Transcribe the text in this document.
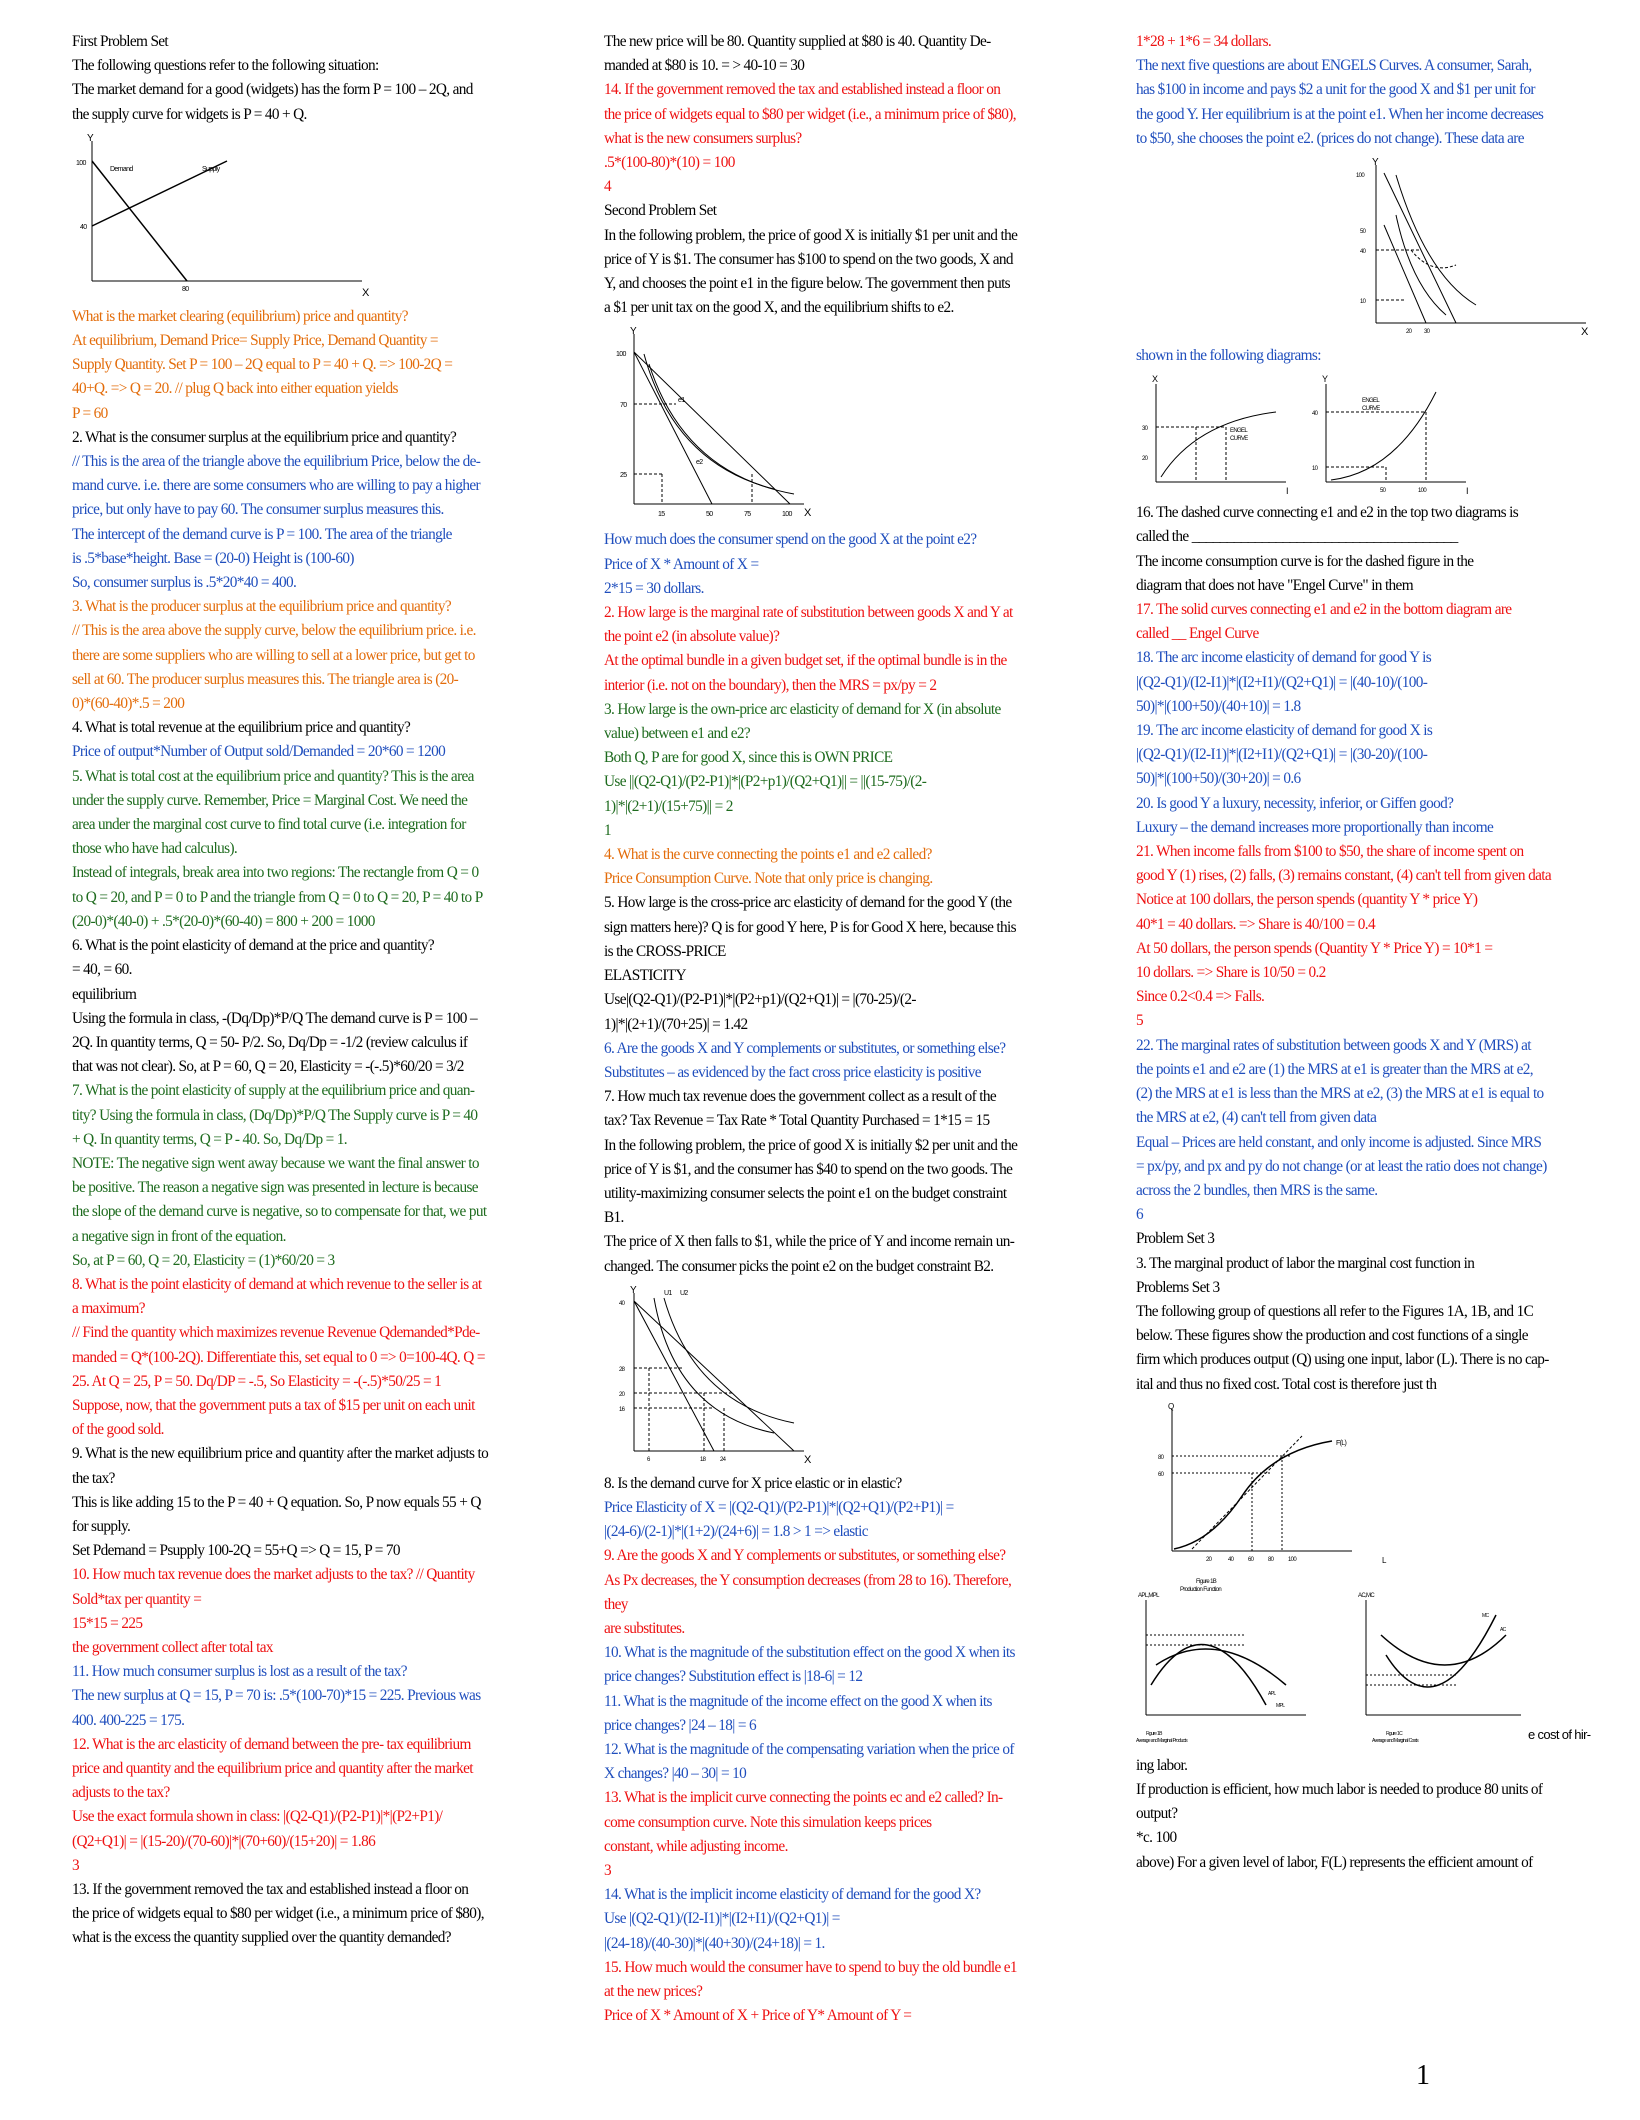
First Problem Set
The following questions refer to the following situation:
The market demand for a good (widgets) has the form P = 100 – 2Q, and
the supply curve for widgets is P = 40 + Q.
Y
X
100
40
80
Demand	Supply
What is the market clearing (equilibrium) price and quantity?
At equilibrium, Demand Price= Supply Price, Demand Quantity =
Supply Quantity. Set P = 100 – 2Q equal to P = 40 + Q. => 100-2Q =
40+Q. => Q = 20. // plug Q back into either equation yields
P = 60
2. What is the consumer surplus at the equilibrium price and quantity?
// This is the area of the triangle above the equilibrium Price, below the de-
mand curve. i.e. there are some consumers who are willing to pay a higher
price, but only have to pay 60. The consumer surplus measures this.
The intercept of the demand curve is P = 100. The area of the triangle
is .5*base*height. Base = (20-0) Height is (100-60)
So, consumer surplus is .5*20*40 = 400.
3. What is the producer surplus at the equilibrium price and quantity?
// This is the area above the supply curve, below the equilibrium price. i.e.
there are some suppliers who are willing to sell at a lower price, but get to
sell at 60. The producer surplus measures this. The triangle area is (20-
0)*(60-40)*.5 = 200
4. What is total revenue at the equilibrium price and quantity?
Price of output*Number of Output sold/Demanded = 20*60 = 1200
5. What is total cost at the equilibrium price and quantity? This is the area
under the supply curve. Remember, Price = Marginal Cost. We need the
area under the marginal cost curve to find total curve (i.e. integration for
those who have had calculus).
Instead of integrals, break area into two regions: The rectangle from Q = 0
to Q = 20, and P = 0 to P and the triangle from Q = 0 to Q = 20, P = 40 to P
(20-0)*(40-0) + .5*(20-0)*(60-40) = 800 + 200 = 1000
6. What is the point elasticity of demand at the price and quantity?
= 40, = 60.
equilibrium
Using the formula in class, -(Dq/Dp)*P/Q The demand curve is P = 100 –
2Q. In quantity terms, Q = 50- P/2. So, Dq/Dp = -1/2 (review calculus if
that was not clear). So, at P = 60, Q = 20, Elasticity = -(-.5)*60/20 = 3/2
7. What is the point elasticity of supply at the equilibrium price and quan-
tity? Using the formula in class, (Dq/Dp)*P/Q The Supply curve is P = 40
+ Q. In quantity terms, Q = P - 40. So, Dq/Dp = 1.
NOTE: The negative sign went away because we want the final answer to
be positive. The reason a negative sign was presented in lecture is because
the slope of the demand curve is negative, so to compensate for that, we put
a negative sign in front of the equation.
So, at P = 60, Q = 20, Elasticity = (1)*60/20 = 3
8. What is the point elasticity of demand at which revenue to the seller is at
a maximum?
// Find the quantity which maximizes revenue Revenue Qdemanded*Pde-
manded = Q*(100-2Q). Differentiate this, set equal to 0 => 0=100-4Q. Q =
25. At Q = 25, P = 50. Dq/DP = -.5, So Elasticity = -(-.5)*50/25 = 1
Suppose, now, that the government puts a tax of $15 per unit on each unit
of the good sold.
9. What is the new equilibrium price and quantity after the market adjusts to
the tax?
This is like adding 15 to the P = 40 + Q equation. So, P now equals 55 + Q
for supply.
Set Pdemand = Psupply 100-2Q = 55+Q => Q = 15, P = 70
10. How much tax revenue does the market adjusts to the tax? // Quantity
Sold*tax per quantity =
15*15 = 225
the government collect after total tax
11. How much consumer surplus is lost as a result of the tax?
The new surplus at Q = 15, P = 70 is: .5*(100-70)*15 = 225. Previous was
400. 400-225 = 175.
12. What is the arc elasticity of demand between the pre- tax equilibrium
price and quantity and the equilibrium price and quantity after the market
adjusts to the tax?
Use the exact formula shown in class: |(Q2-Q1)/(P2-P1)|*|(P2+P1)/
(Q2+Q1)| = |(15-20)/(70-60)|*|(70+60)/(15+20)| = 1.86
3
13. If the government removed the tax and established instead a floor on
the price of widgets equal to $80 per widget (i.e., a minimum price of $80),
what is the excess the quantity supplied over the quantity demanded?
The new price will be 80. Quantity supplied at $80 is 40. Quantity De-
manded at $80 is 10. = > 40-10 = 30
14. If the government removed the tax and established instead a floor on
the price of widgets equal to $80 per widget (i.e., a minimum price of $80),
what is the new consumers surplus?
.5*(100-80)*(10) = 100
4
Second Problem Set
In the following problem, the price of good X is initially $1 per unit and the
price of Y is $1. The consumer has $100 to spend on the two goods, X and
Y, and chooses the point e1 in the figure below. The government then puts
a $1 per unit tax on the good X, and the equilibrium shifts to e2.
Y
X
100
70
25
15	50	75	100
e1
e2
How much does the consumer spend on the good X at the point e2?
Price of X * Amount of X =
2*15 = 30 dollars.
2. How large is the marginal rate of substitution between goods X and Y at
the point e2 (in absolute value)?
At the optimal bundle in a given budget set, if the optimal bundle is in the
interior (i.e. not on the boundary), then the MRS = px/py = 2
3. How large is the own-price arc elasticity of demand for X (in absolute
value) between e1 and e2?
Both Q, P are for good X, since this is OWN PRICE
Use ||(Q2-Q1)/(P2-P1)|*|(P2+p1)/(Q2+Q1)|| = ||(15-75)/(2-
1)|*|(2+1)/(15+75)|| = 2
1
4. What is the curve connecting the points e1 and e2 called?
Price Consumption Curve. Note that only price is changing.
5. How large is the cross-price arc elasticity of demand for the good Y (the
sign matters here)? Q is for good Y here, P is for Good X here, because this
is the CROSS-PRICE
ELASTICITY
Use|(Q2-Q1)/(P2-P1)|*|(P2+p1)/(Q2+Q1)| = |(70-25)/(2-
1)|*|(2+1)/(70+25)| = 1.42
6. Are the goods X and Y complements or substitutes, or something else?
Substitutes – as evidenced by the fact cross price elasticity is positive
7. How much tax revenue does the government collect as a result of the
tax? Tax Revenue = Tax Rate * Total Quantity Purchased = 1*15 = 15
In the following problem, the price of good X is initially $2 per unit and the
price of Y is $1, and the consumer has $40 to spend on the two goods. The
utility-maximizing consumer selects the point e1 on the budget constraint
B1.
The price of X then falls to $1, while the price of Y and income remain un-
changed. The consumer picks the point e2 on the budget constraint B2.
Y	U1 U2
X
40
28
20
16
6	18 24
8. Is the demand curve for X price elastic or in elastic?
Price Elasticity of X = |(Q2-Q1)/(P2-P1)|*|(Q2+Q1)/(P2+P1)| =
|(24-6)/(2-1)|*|(1+2)/(24+6)| = 1.8 > 1 => elastic
9. Are the goods X and Y complements or substitutes, or something else?
As Px decreases, the Y consumption decreases (from 28 to 16). Therefore,
they
are substitutes.
10. What is the magnitude of the substitution effect on the good X when its
price changes? Substitution effect is |18-6| = 12
11. What is the magnitude of the income effect on the good X when its
price changes? |24 – 18| = 6
12. What is the magnitude of the compensating variation when the price of
X changes? |40 – 30| = 10
13. What is the implicit curve connecting the points ec and e2 called? In-
come consumption curve. Note this simulation keeps prices
constant, while adjusting income.
3
14. What is the implicit income elasticity of demand for the good X?
Use |(Q2-Q1)/(I2-I1)|*|(I2+I1)/(Q2+Q1)| =
|(24-18)/(40-30)|*|(40+30)/(24+18)| = 1.
15. How much would the consumer have to spend to buy the old bundle e1
at the new prices?
Price of X * Amount of X + Price of Y* Amount of Y =
1*28 + 1*6 = 34 dollars.
The next five questions are about ENGELS Curves. A consumer, Sarah,
has $100 in income and pays $2 a unit for the good X and $1 per unit for
the good Y. Her equilibrium is at the point e1. When her income decreases
to $50, she chooses the point e2. (prices do not change). These data are
Y
X
100
50
40
10
20 30
shown in the following diagrams:
X
I
30
20
ENGEL
CURVE
Y
I
40
10
50	100
ENGEL
CURVE
16. The dashed curve connecting e1 and e2 in the top two diagrams is
called the ______________________________________
The income consumption curve is for the dashed figure in the
diagram that does not have "Engel Curve" in them
17. The solid curves connecting e1 and e2 in the bottom diagram are
called __ Engel Curve
18. The arc income elasticity of demand for good Y is
|(Q2-Q1)/(I2-I1)|*|(I2+I1)/(Q2+Q1)| = |(40-10)/(100-
50)|*|(100+50)/(40+10)| = 1.8
19. The arc income elasticity of demand for good X is
|(Q2-Q1)/(I2-I1)|*|(I2+I1)/(Q2+Q1)| = |(30-20)/(100-
50)|*|(100+50)/(30+20)| = 0.6
20. Is good Y a luxury, necessity, inferior, or Giffen good?
Luxury – the demand increases more proportionally than income
21. When income falls from $100 to $50, the share of income spent on
good Y (1) rises, (2) falls, (3) remains constant, (4) can't tell from given data
Notice at 100 dollars, the person spends (quantity Y * price Y)
40*1 = 40 dollars. => Share is 40/100 = 0.4
At 50 dollars, the person spends (Quantity Y * Price Y) = 10*1 =
10 dollars. => Share is 10/50 = 0.2
Since 0.2<0.4 => Falls.
5
22. The marginal rates of substitution between goods X and Y (MRS) at
the points e1 and e2 are (1) the MRS at e1 is greater than the MRS at e2,
(2) the MRS at e1 is less than the MRS at e2, (3) the MRS at e1 is equal to
the MRS at e2, (4) can't tell from given data
Equal – Prices are held constant, and only income is adjusted. Since MRS
= px/py, and px and py do not change (or at least the ratio does not change)
across the 2 bundles, then MRS is the same.
6
Problem Set 3
3. The marginal product of labor the marginal cost function in
Problems Set 3
The following group of questions all refer to the Figures 1A, 1B, and 1C
below. These figures show the production and cost functions of a single
firm which produces output (Q) using one input, labor (L). There is no cap-
ital and thus no fixed cost. Total cost is therefore just th
Q
L
F(L)
80
60
20	40 60 80 100
Figure 1B
Production Function
APL,MPL
APL
MPL
Figure 1B
Average and Marginal Products
AC,MC
MC
AC
Figure 1C
Average and Marginal Costs	e cost of hir-
ing labor.
If production is efficient, how much labor is needed to produce 80 units of
output?
*c. 100
above) For a given level of labor, F(L) represents the efficient amount of
1
